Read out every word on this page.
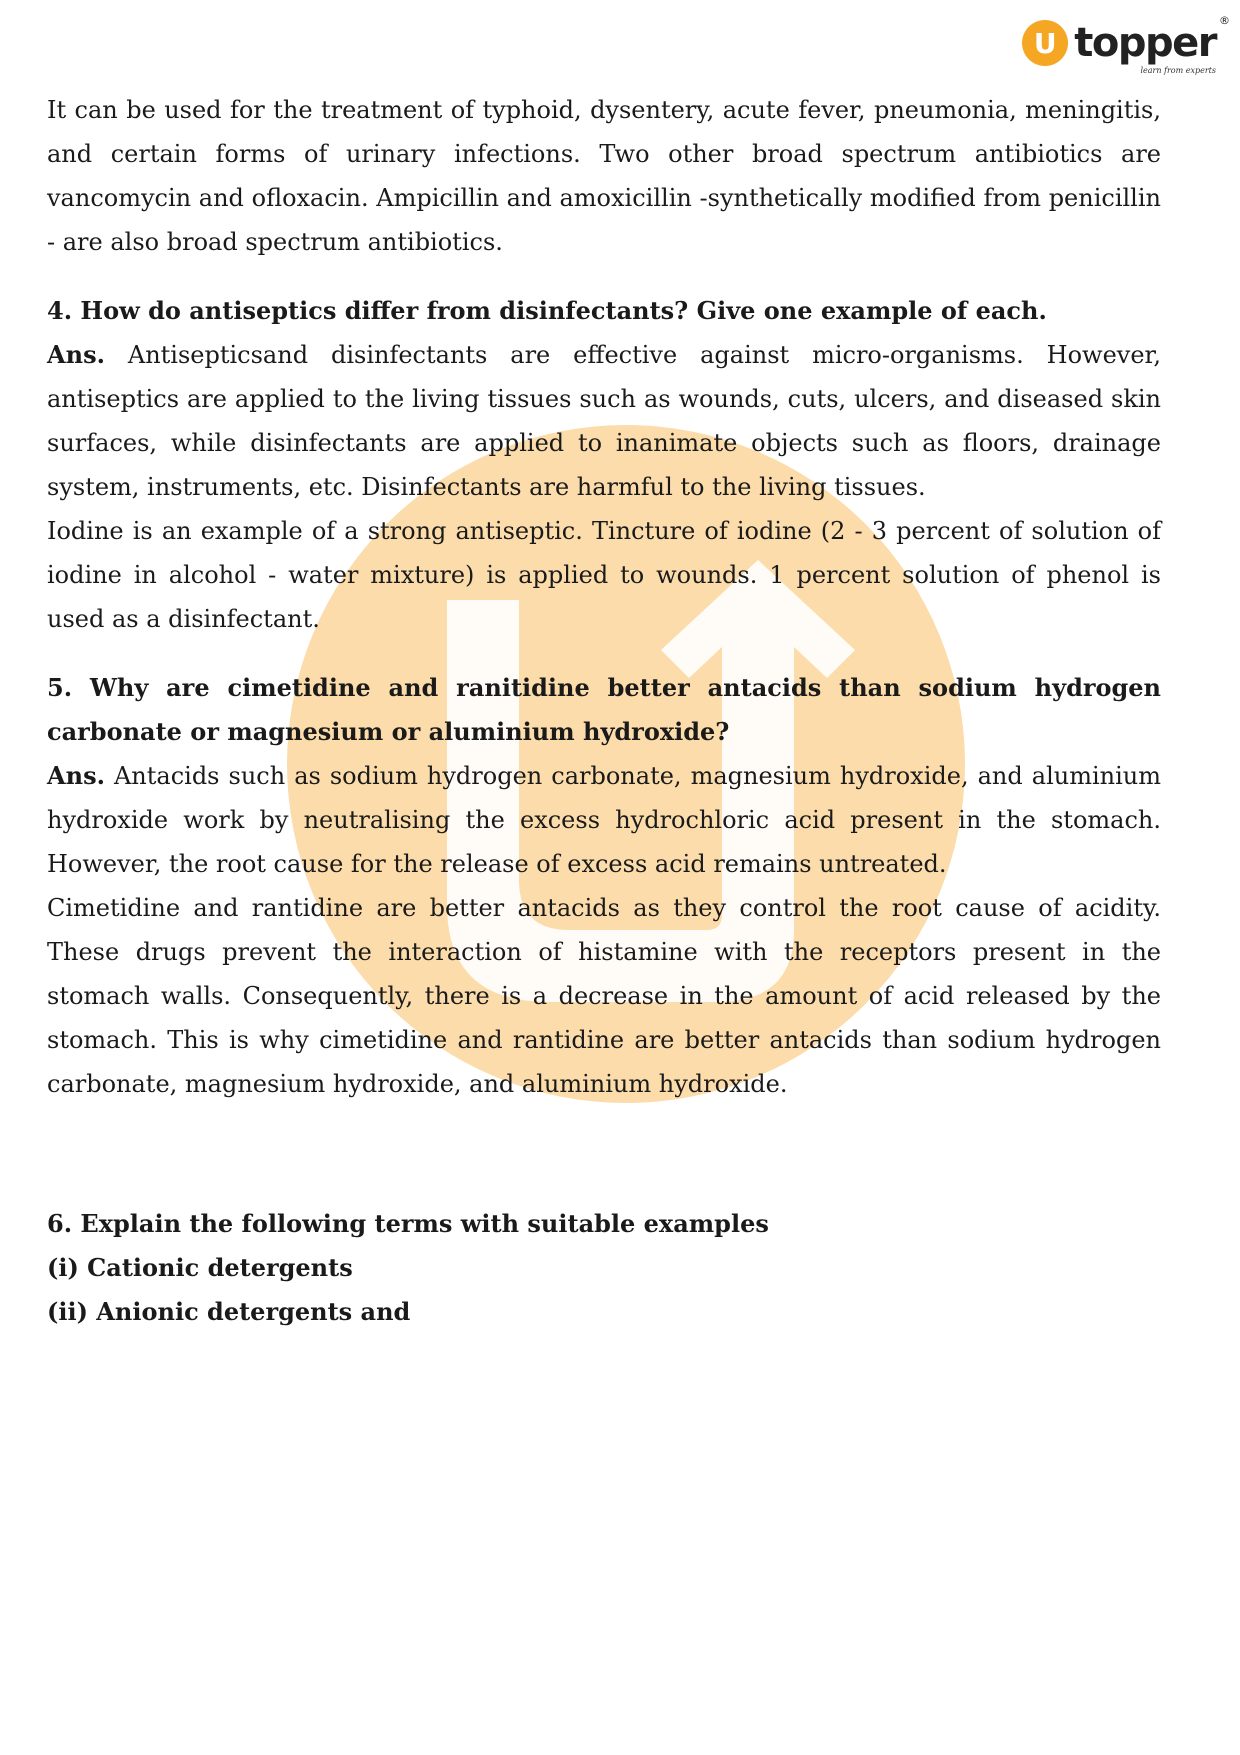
U topper ®
learn from experts

It can be used for the treatment of typhoid, dysentery, acute fever, pneumonia, meningitis, and certain forms of urinary infections. Two other broad spectrum antibiotics are vancomycin and ofloxacin. Ampicillin and amoxicillin -synthetically modified from penicillin - are also broad spectrum antibiotics.

4. How do antiseptics differ from disinfectants? Give one example of each.

Ans. Antisepticsand disinfectants are effective against micro-organisms. However, antiseptics are applied to the living tissues such as wounds, cuts, ulcers, and diseased skin surfaces, while disinfectants are applied to inanimate objects such as floors, drainage system, instruments, etc. Disinfectants are harmful to the living tissues.

Iodine is an example of a strong antiseptic. Tincture of iodine (2 - 3 percent of solution of iodine in alcohol - water mixture) is applied to wounds. 1 percent solution of phenol is used as a disinfectant.

5. Why are cimetidine and ranitidine better antacids than sodium hydrogen carbonate or magnesium or aluminium hydroxide?

Ans. Antacids such as sodium hydrogen carbonate, magnesium hydroxide, and aluminium hydroxide work by neutralising the excess hydrochloric acid present in the stomach. However, the root cause for the release of excess acid remains untreated.

Cimetidine and rantidine are better antacids as they control the root cause of acidity. These drugs prevent the interaction of histamine with the receptors present in the stomach walls. Consequently, there is a decrease in the amount of acid released by the stomach. This is why cimetidine and rantidine are better antacids than sodium hydrogen carbonate, magnesium hydroxide, and aluminium hydroxide.

6. Explain the following terms with suitable examples

(i) Cationic detergents

(ii) Anionic detergents and
